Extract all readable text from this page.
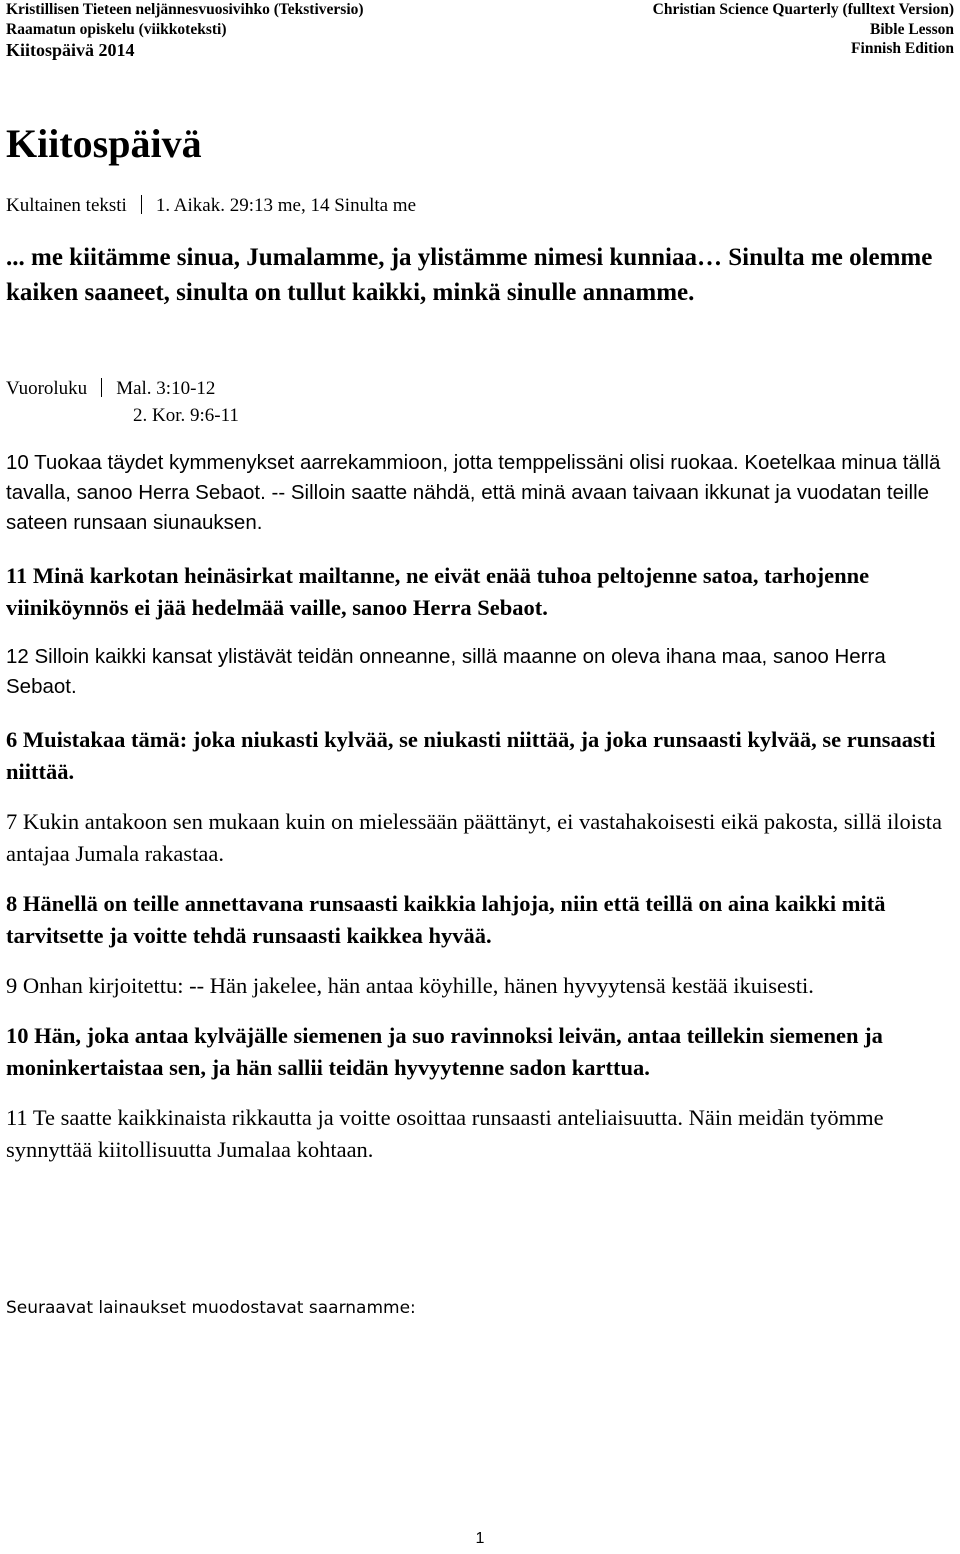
Kristillisen Tieteen neljännesvuosivihko (Tekstiversio)
Raamatun opiskelu (viikkoteksti)
Kiitospäivä 2014
Christian Science Quarterly (fulltext Version)
Bible Lesson
Finnish Edition
Kiitospäivä
Kultainen teksti 1. Aikak. 29:13 me, 14 Sinulta me

... me kiitämme sinua, Jumalamme, ja ylistämme nimesi kunniaa… Sinulta me olemme kaiken saaneet, sinulta on tullut kaikki, minkä sinulle annamme.

Vuoroluku Mal. 3:10-12
2. Kor. 9:6-11

10 Tuokaa täydet kymmenykset aarrekammioon, jotta temppelissäni olisi ruokaa. Koetelkaa minua tällä tavalla, sanoo Herra Sebaot. -- Silloin saatte nähdä, että minä avaan taivaan ikkunat ja vuodatan teille sateen runsaan siunauksen.

11 Minä karkotan heinäsirkat mailtanne, ne eivät enää tuhoa peltojenne satoa, tarhojenne viiniköynnös ei jää hedelmää vaille, sanoo Herra Sebaot.

12 Silloin kaikki kansat ylistävät teidän onneanne, sillä maanne on oleva ihana maa, sanoo Herra Sebaot.

6 Muistakaa tämä: joka niukasti kylvää, se niukasti niittää, ja joka runsaasti kylvää, se runsaasti niittää.

7 Kukin antakoon sen mukaan kuin on mielessään päättänyt, ei vastahakoisesti eikä pakosta, sillä iloista antajaa Jumala rakastaa.

8 Hänellä on teille annettavana runsaasti kaikkia lahjoja, niin että teillä on aina kaikki mitä tarvitsette ja voitte tehdä runsaasti kaikkea hyvää.

9 Onhan kirjoitettu: -- Hän jakelee, hän antaa köyhille, hänen hyvyytensä kestää ikuisesti.

10 Hän, joka antaa kylväjälle siemenen ja suo ravinnoksi leivän, antaa teillekin siemenen ja moninkertaistaa sen, ja hän sallii teidän hyvyytenne sadon karttua.

11 Te saatte kaikkinaista rikkautta ja voitte osoittaa runsaasti anteliaisuutta. Näin meidän työmme synnyttää kiitollisuutta Jumalaa kohtaan.

Seuraavat lainaukset muodostavat saarnamme:
1
